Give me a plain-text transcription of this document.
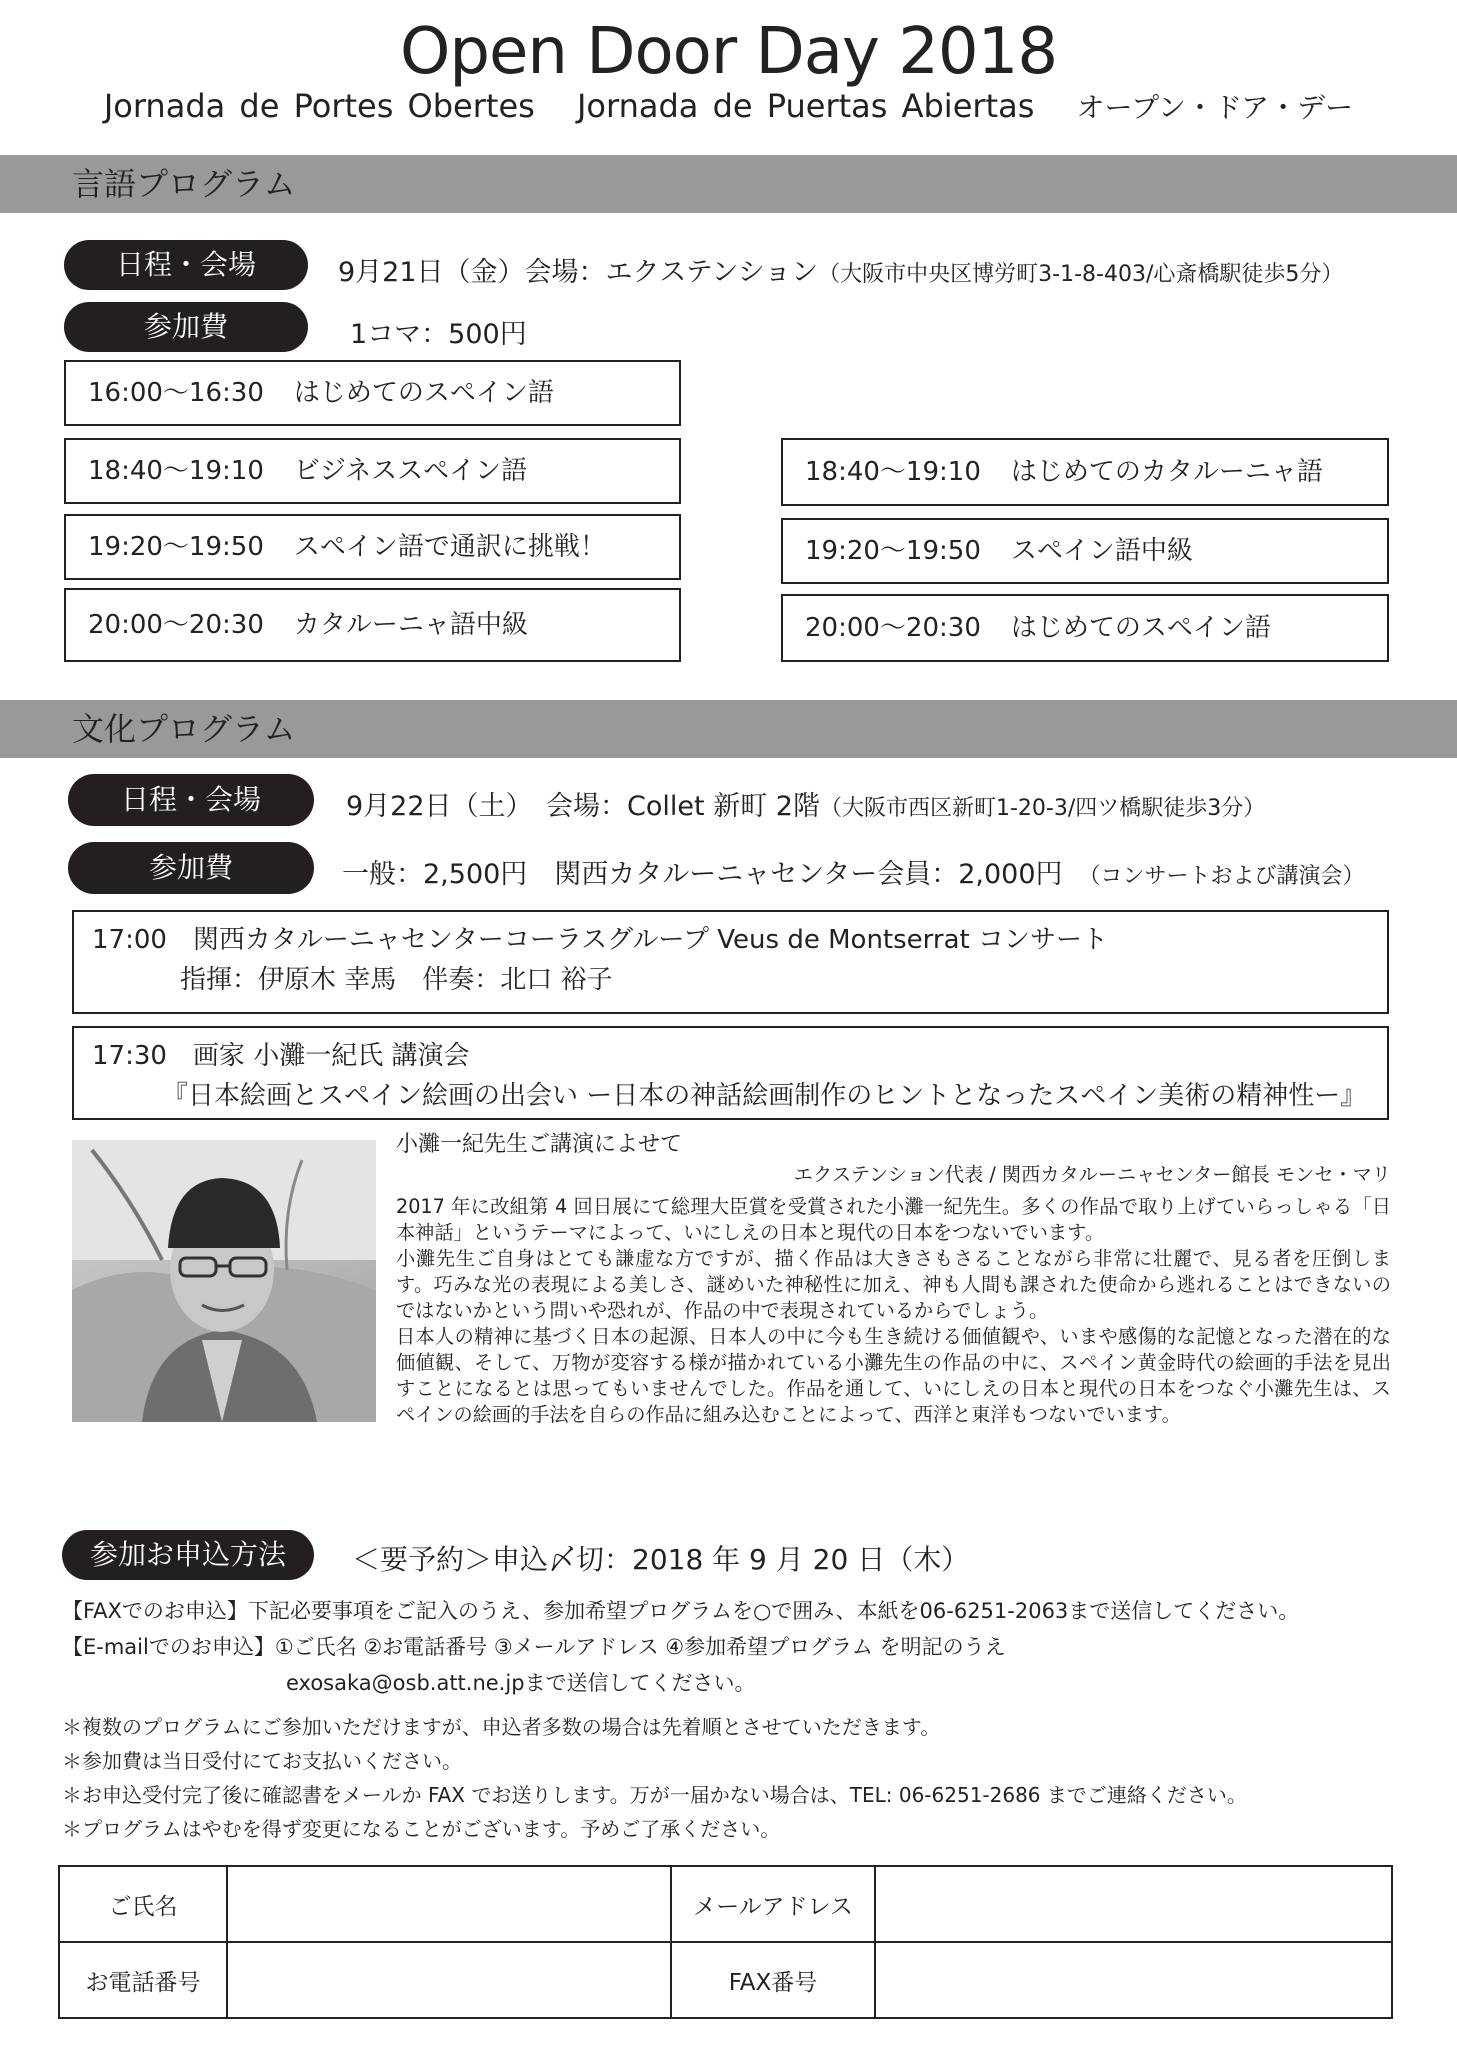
Open Door Day 2018
Jornada de Portes Obertes Jornada de Puertas Abiertas オープン・ドア・デー
言語プログラム
日程・会場	9月21日（金）会場：エクステンション（大阪市中央区博労町3-1-8-403/心斎橋駅徒歩5分）
参加費	1コマ：500円
16:00～16:30 はじめてのスペイン語
18:40～19:10 ビジネススペイン語
19:20～19:50 スペイン語で通訳に挑戦！
20:00～20:30 カタルーニャ語中級
18:40～19:10 はじめてのカタルーニャ語
19:20～19:50 スペイン語中級
20:00～20:30 はじめてのスペイン語
文化プログラム
日程・会場	9月22日（土）　会場：Collet 新町 2階（大阪市西区新町1-20-3/四ツ橋駅徒歩3分）
参加費	一般：2,500円　関西カタルーニャセンター会員：2,000円　 （コンサートおよび講演会）
17:00　関西カタルーニャセンターコーラスグループ Veus de Montserrat コンサート
指揮：伊原木 幸馬　伴奏：北口 裕子
17:30　画家 小灘一紀氏 講演会
『日本絵画とスペイン絵画の出会い ー日本の神話絵画制作のヒントとなったスペイン美術の精神性ー』

小灘一紀先生ご講演によせて

エクステンション代表 / 関西カタルーニャセンター館長 モンセ・マリ

2017 年に改組第 4 回日展にて総理大臣賞を受賞された小灘一紀先生。多くの作品で取り上げていらっしゃる「日本神話」というテーマによって、いにしえの日本と現代の日本をつないでいます。

小灘先生ご自身はとても謙虚な方ですが、描く作品は大きさもさることながら非常に壮麗で、見る者を圧倒します。巧みな光の表現による美しさ、謎めいた神秘性に加え、神も人間も課された使命から逃れることはできないのではないかという問いや恐れが、作品の中で表現されているからでしょう。

日本人の精神に基づく日本の起源、日本人の中に今も生き続ける価値観や、いまや感傷的な記憶となった潜在的な価値観、そして、万物が変容する様が描かれている小灘先生の作品の中に、スペイン黄金時代の絵画的手法を見出すことになるとは思ってもいませんでした。作品を通して、いにしえの日本と現代の日本をつなぐ小灘先生は、スペインの絵画的手法を自らの作品に組み込むことによって、西洋と東洋もつないでいます。

参加お申込方法	＜要予約＞申込〆切：2018 年 9 月 20 日（木）
【FAXでのお申込】下記必要事項をご記入のうえ、参加希望プログラムを○で囲み、本紙を06-6251-2063まで送信してください。
【E-mailでのお申込】①ご氏名 ②お電話番号 ③メールアドレス ④参加希望プログラム を明記のうえ
exosaka@osb.att.ne.jpまで送信してください。
＊複数のプログラムにご参加いただけますが、申込者多数の場合は先着順とさせていただきます。
＊参加費は当日受付にてお支払いください。
＊お申込受付完了後に確認書をメールか FAX でお送りします。万が一届かない場合は、TEL: 06-6251-2686 までご連絡ください。
＊プログラムはやむを得ず変更になることがございます。予めご了承ください。
ご氏名		メールアドレス	
お電話番号		FAX番号	
